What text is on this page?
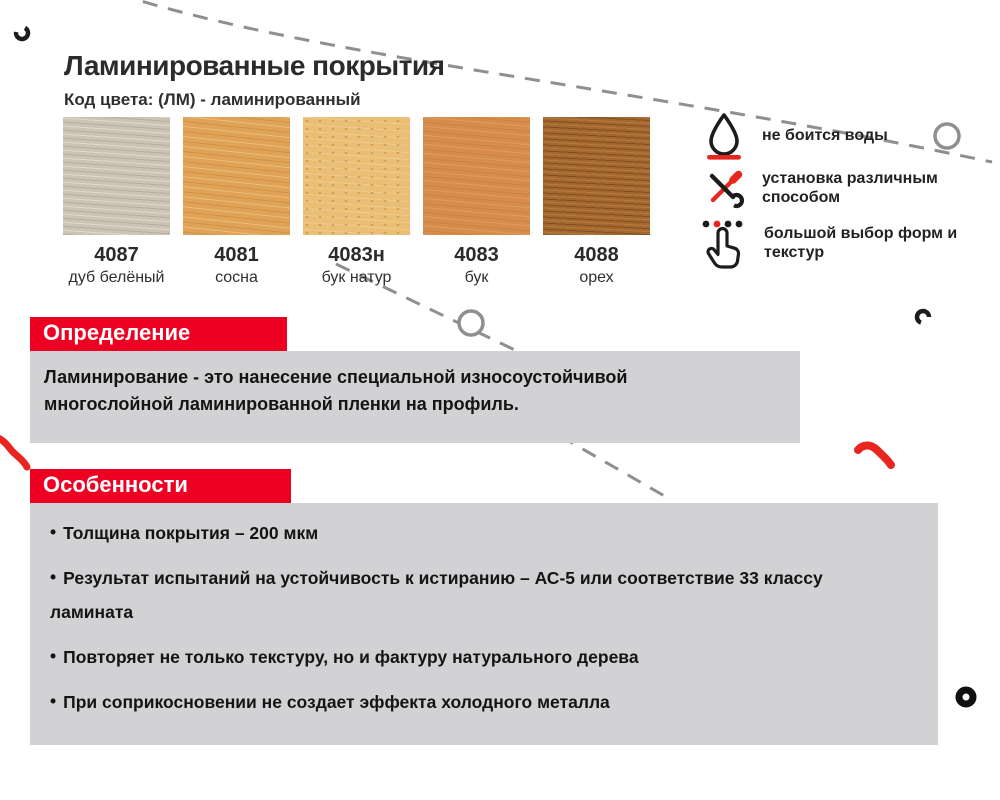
Ламинированные покрытия
Код цвета: (ЛМ) - ламинированный
4087
дуб белёный
4081
сосна
4083н
бук натур
4083
бук
4088
орех
не боится воды
установка различным способом
большой выбор форм и текстур
Определение

Ламинирование - это нанесение специальной износоустойчивой многослойной ламинированной пленки на профиль.

Особенности

• Толщина покрытия – 200 мкм

• Результат испытаний на устойчивость к истиранию – АС-5 или соответствие 33 классу ламината

• Повторяет не только текстуру, но и фактуру натурального дерева

• При соприкосновении не создает эффекта холодного металла
